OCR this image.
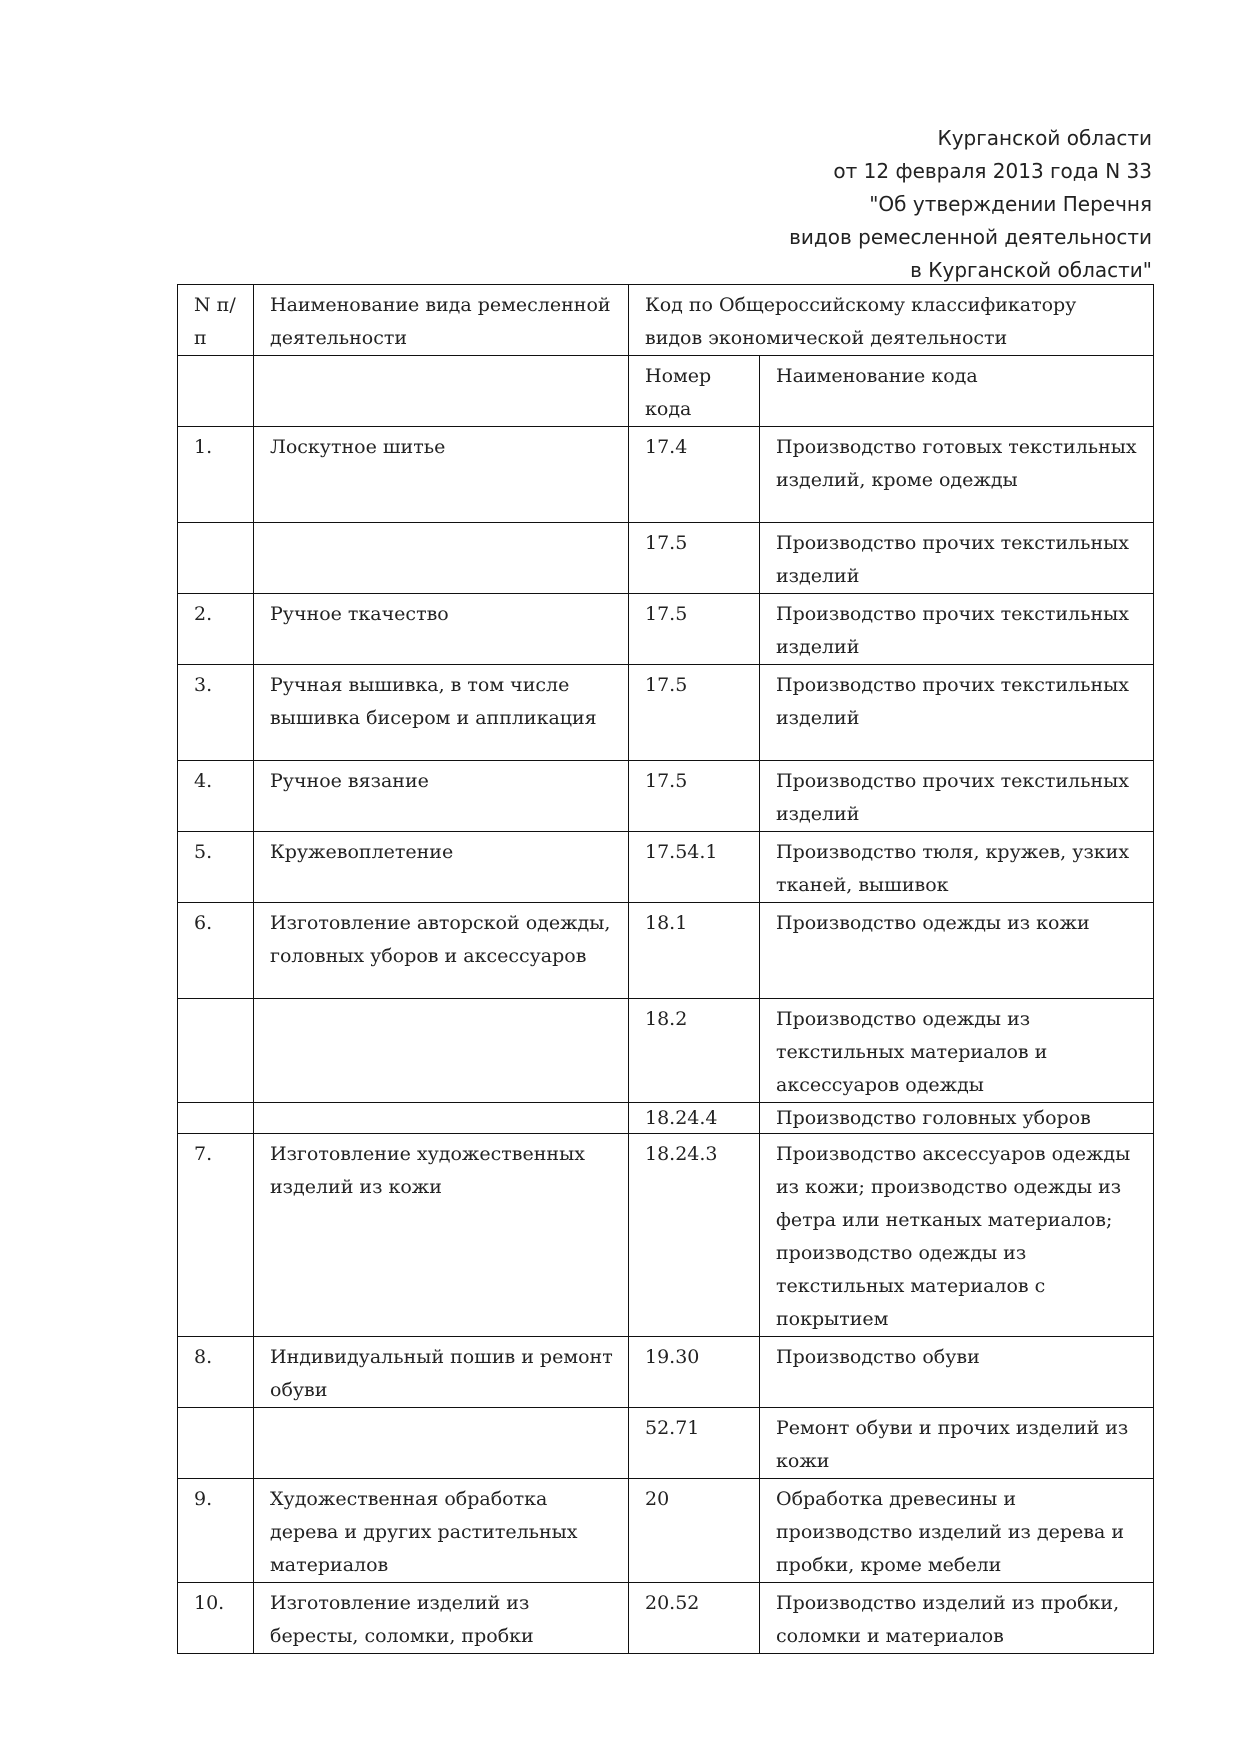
Курганской области
от 12 февраля 2013 года N 33
"Об утверждении Перечня
видов ремесленной деятельности
в Курганской области"
N п/п	Наименование вида ремесленной деятельности	Код по Общероссийскому классификатору видов экономической деятельности	
		Номер кода	Наименование кода
1.	Лоскутное шитье	17.4	Производство готовых текстильных изделий, кроме одежды
		17.5	Производство прочих текстильных изделий
2.	Ручное ткачество	17.5	Производство прочих текстильных изделий
3.	Ручная вышивка, в том числе вышивка бисером и аппликация	17.5	Производство прочих текстильных изделий
4.	Ручное вязание	17.5	Производство прочих текстильных изделий
5.	Кружевоплетение	17.54.1	Производство тюля, кружев, узких тканей, вышивок
6.	Изготовление авторской одежды, головных уборов и аксессуаров	18.1	Производство одежды из кожи
		18.2	Производство одежды из текстильных материалов и аксессуаров одежды
		18.24.4	Производство головных уборов
7.	Изготовление художественных изделий из кожи	18.24.3	Производство аксессуаров одежды из кожи; производство одежды из фетра или нетканых материалов; производство одежды из текстильных материалов с покрытием
8.	Индивидуальный пошив и ремонт обуви	19.30	Производство обуви
		52.71	Ремонт обуви и прочих изделий из кожи
9.	Художественная обработка дерева и других растительных материалов	20	Обработка древесины и производство изделий из дерева и пробки, кроме мебели
10.	Изготовление изделий из бересты, соломки, пробки	20.52	Производство изделий из пробки, соломки и материалов
